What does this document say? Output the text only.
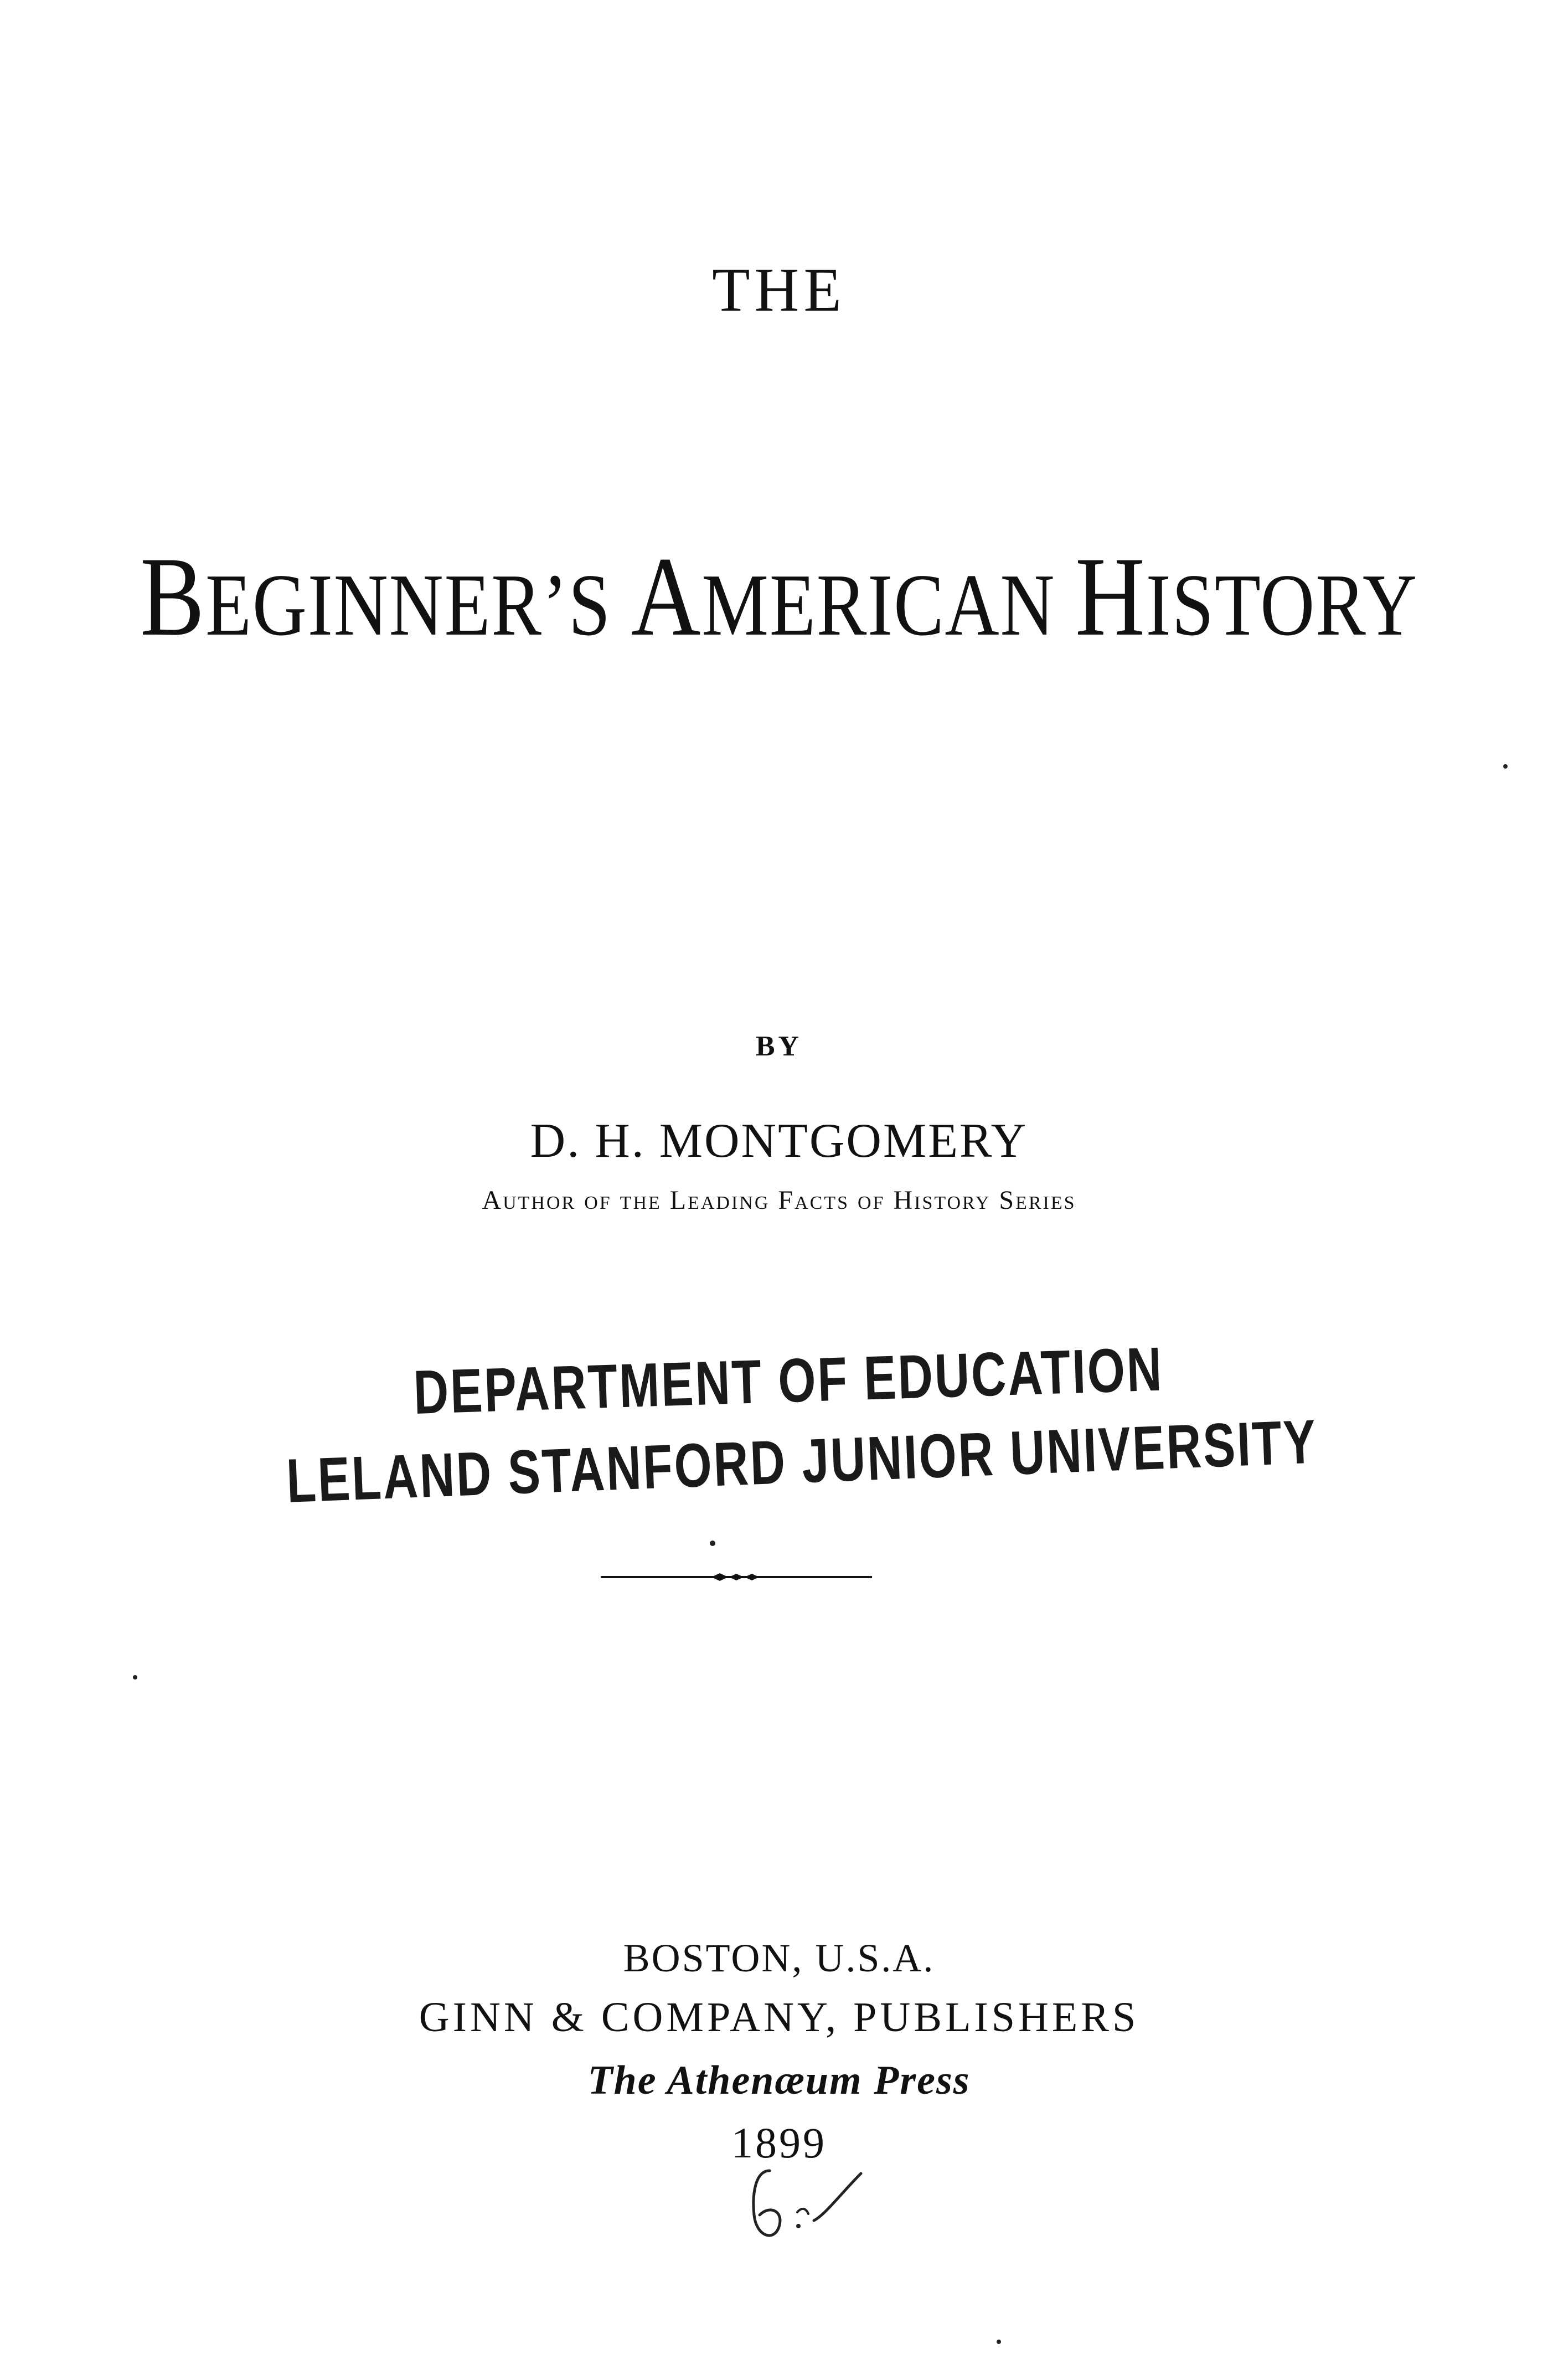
THE
BEGINNER’S AMERICAN HISTORY
BY
D. H. MONTGOMERY
Author of the Leading Facts of History Series
DEPARTMENT OF EDUCATION
LELAND STANFORD JUNIOR UNIVERSITY
BOSTON, U.S.A.
GINN & COMPANY, PUBLISHERS
The Athenæum Press
1899
